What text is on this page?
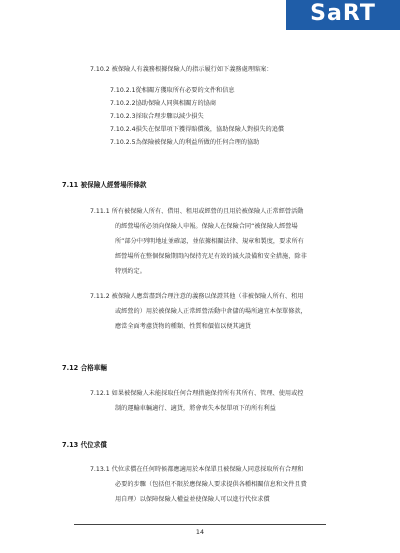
SaRT
7.10.2 被保險人有義務根據保險人的指示履行如下義務處理賠案：
7.10.2.1從相關方獲取所有必要的文件和信息
7.10.2.2協助保險人同與相關方的協商
7.10.2.3採取合理步驟以減少損失
7.10.2.4損失在保單項下獲得賠償後，協助保險人對損失的追償
7.10.2.5為保險被保險人的利益所做的任何合理的協助
7.11 被保險人經營場所條款
7.11.1 所有被保險人所有、借用、租用或經營的且用於被保險人正常經營活動
的經營場所必須向保險人申報。保險人在保險合同“被保險人經營場
所”部分中列明地址並確認，並依據相關法律、規章和製度，要求所有
經營場所在整個保險期間內保持充足有效的減火設備和安全措施，除非
特別約定。
7.11.2 被保險人應當盡到合理注意的義務以保證其他（非被保險人所有、租用
或經營的）用於被保險人正常經營活動中倉儲的場所適宜本保單條款，
應當全面考慮貨物的種類、性質和價值以便其適貨
7.12 合格車輛
7.12.1 如果被保險人未能採取任何合理措施保持所有其所有、管理、使用或控
制的運輸車輛適行、適貨，將會喪失本保單項下的所有利益
7.13 代位求償
7.13.1 代位求償在任何時候都應適用於本保單且被保險人同意採取所有合理和
必要的步驟（包括但不限於應保險人要求提供各種相關信息和文件且費
用自理）以保障保險人權益並使保險人可以進行代位求償
14
